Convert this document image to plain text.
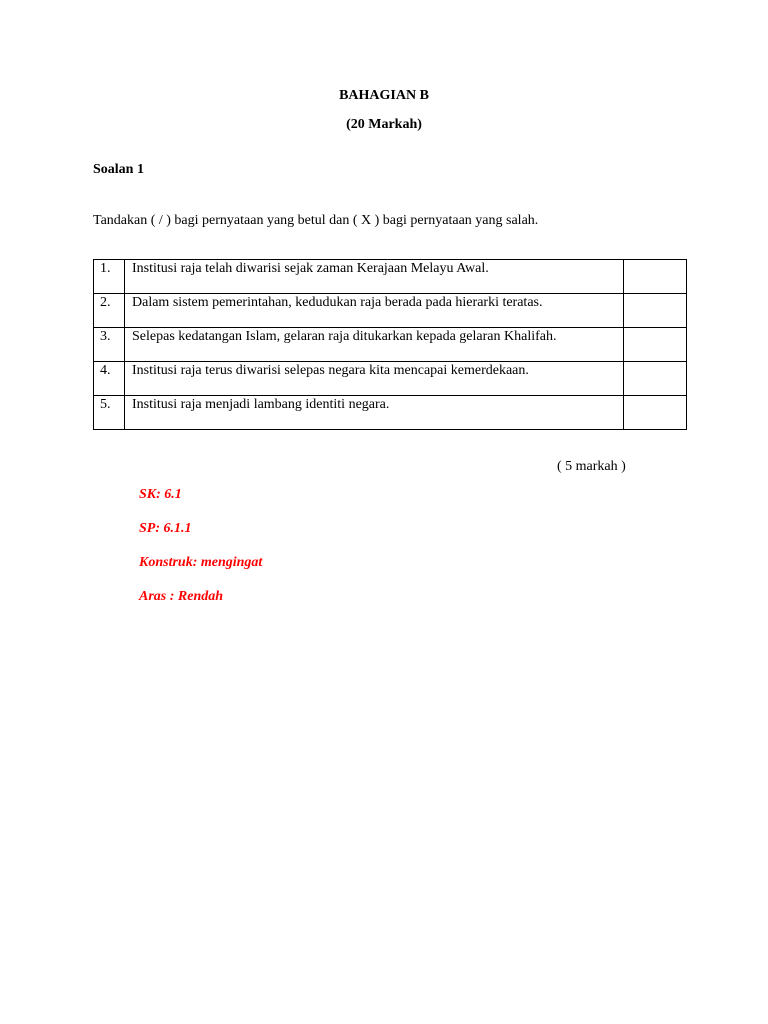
BAHAGIAN B
(20 Markah)
Soalan 1
Tandakan ( / ) bagi pernyataan yang betul dan ( X ) bagi pernyataan yang salah.
1.	Institusi raja telah diwarisi sejak zaman Kerajaan Melayu Awal.	

2.	Dalam sistem pemerintahan, kedudukan raja berada pada hierarki teratas.	

3.	Selepas kedatangan Islam, gelaran raja ditukarkan kepada gelaran Khalifah.	

4.	Institusi raja terus diwarisi selepas negara kita mencapai kemerdekaan.	

5.	Institusi raja menjadi lambang identiti negara.	

( 5 markah )
SK: 6.1
SP: 6.1.1
Konstruk: mengingat
Aras : Rendah
